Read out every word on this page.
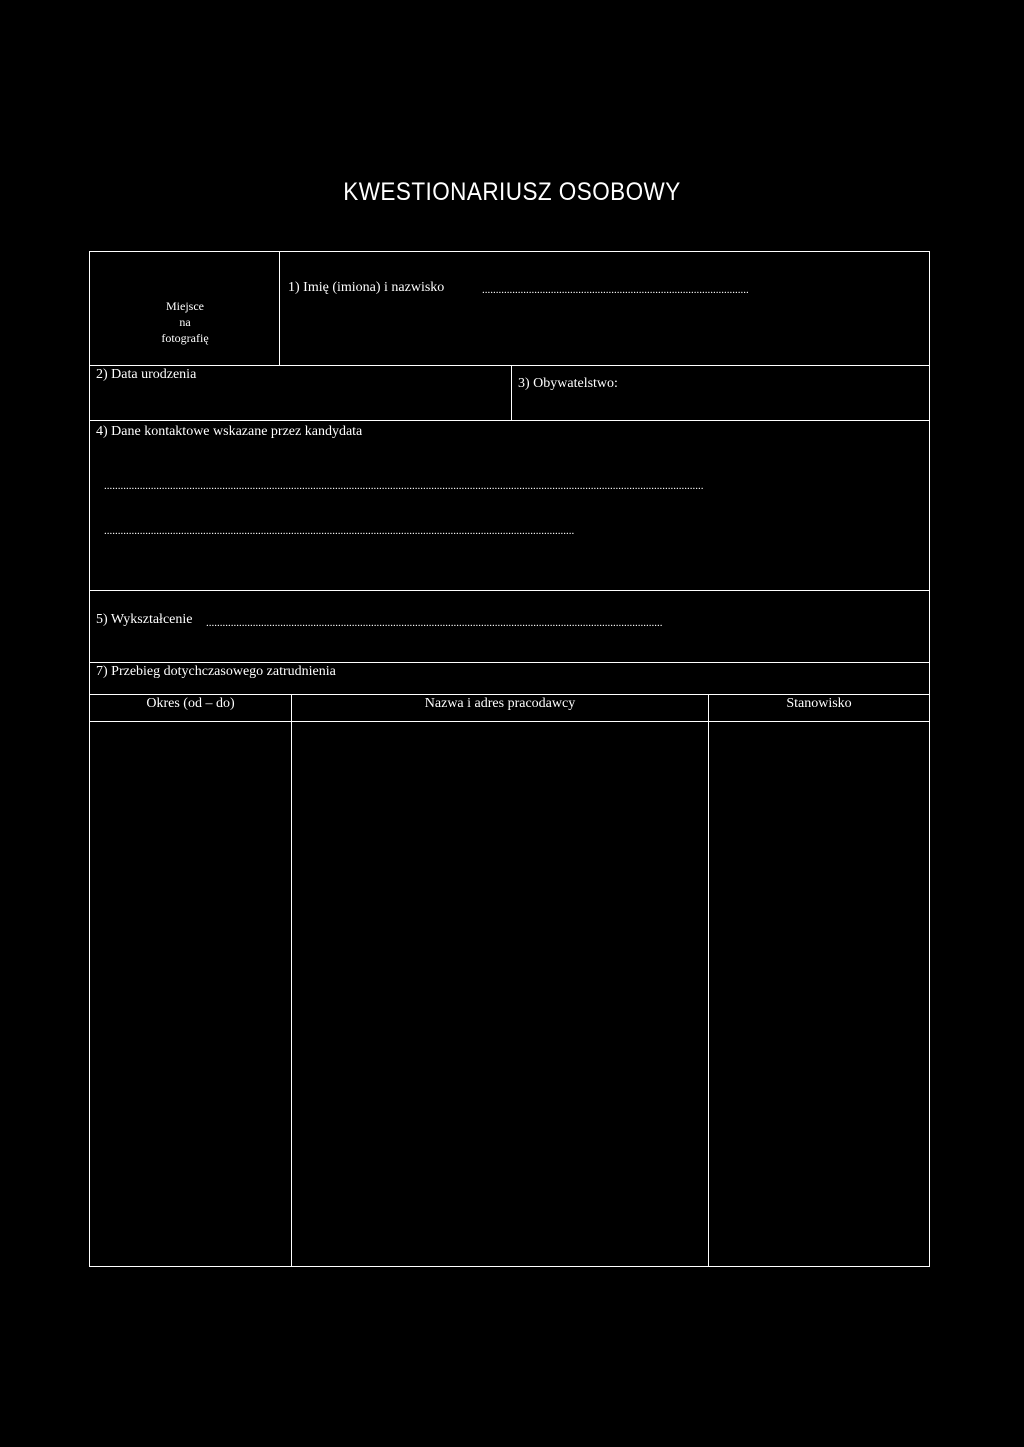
KWESTIONARIUSZ OSOBOWY
Miejsce
na
fotografię
1) Imię (imiona) i nazwisko	.................................................................................................
2) Data urodzenia
3) Obywatelstwo:
4) Dane kontaktowe wskazane przez kandydata
..........................................................................................................................................................................................................................
...........................................................................................................................................................................
5) Wykształcenie ......................................................................................................................................................................
7) Przebieg dotychczasowego zatrudnienia
Okres (od – do)	Nazwa i adres pracodawcy	Stanowisko
